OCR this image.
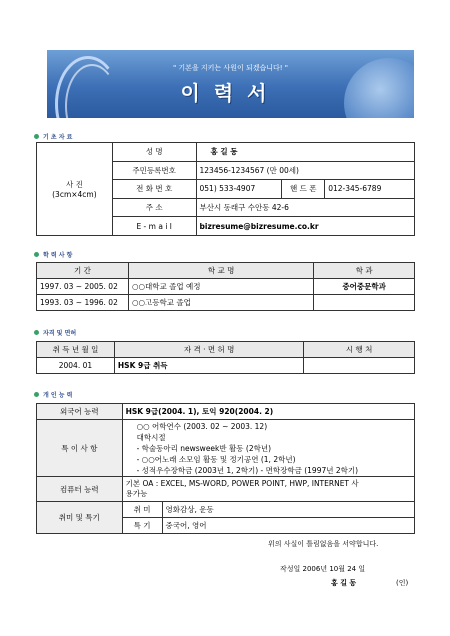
" 기본을 지키는 사원이 되겠습니다! "
이력서
기 초 자 료
사 진
(3cm×4cm)	성 명	홍 길 동		
	주민등록번호	123456-1234567 (만 00세)		
	전 화 번 호	051) 533-4907	핸 드 폰	012-345-6789
	주 소	부산시 동래구 수안동 42-6		
	E - m a i l	bizresume@bizresume.co.kr		
학 력 사 항
기 간	학 교 명	학 과
1997. 03 ~ 2005. 02	○○대학교 졸업 예정	중어중문학과
1993. 03 ~ 1996. 02	○○고등학교 졸업	
자격 및 면허
취 득 년 월 일	자 격 · 면 허 명	시 행 처
2004. 01	HSK 9급 취득	
개 인 능 력
외국어 능력	HSK 9급(2004. 1), 토익 920(2004. 2)	
특 이 사 항	○○ 어학연수 (2003. 02 ~ 2003. 12)
대학시절
- 학술동아리 newsweek반 활동 (2학년)
- ○○어노래 소모임 활동 및 정기공연 (1, 2학년)
- 성적우수장학금 (2003년 1, 2학기) - 면학장학금 (1997년 2학기)	

컴퓨터 능력	기본 OA : EXCEL, MS-WORD, POWER POINT, HWP, INTERNET 사
용가능	

취미 및 특기	취 미	영화감상, 운동
	특 기	중국어, 영어
위의 사실이 틀림없음을 서약합니다.
작성일 2006년 10월 24 일
홍 길 동	(인)
